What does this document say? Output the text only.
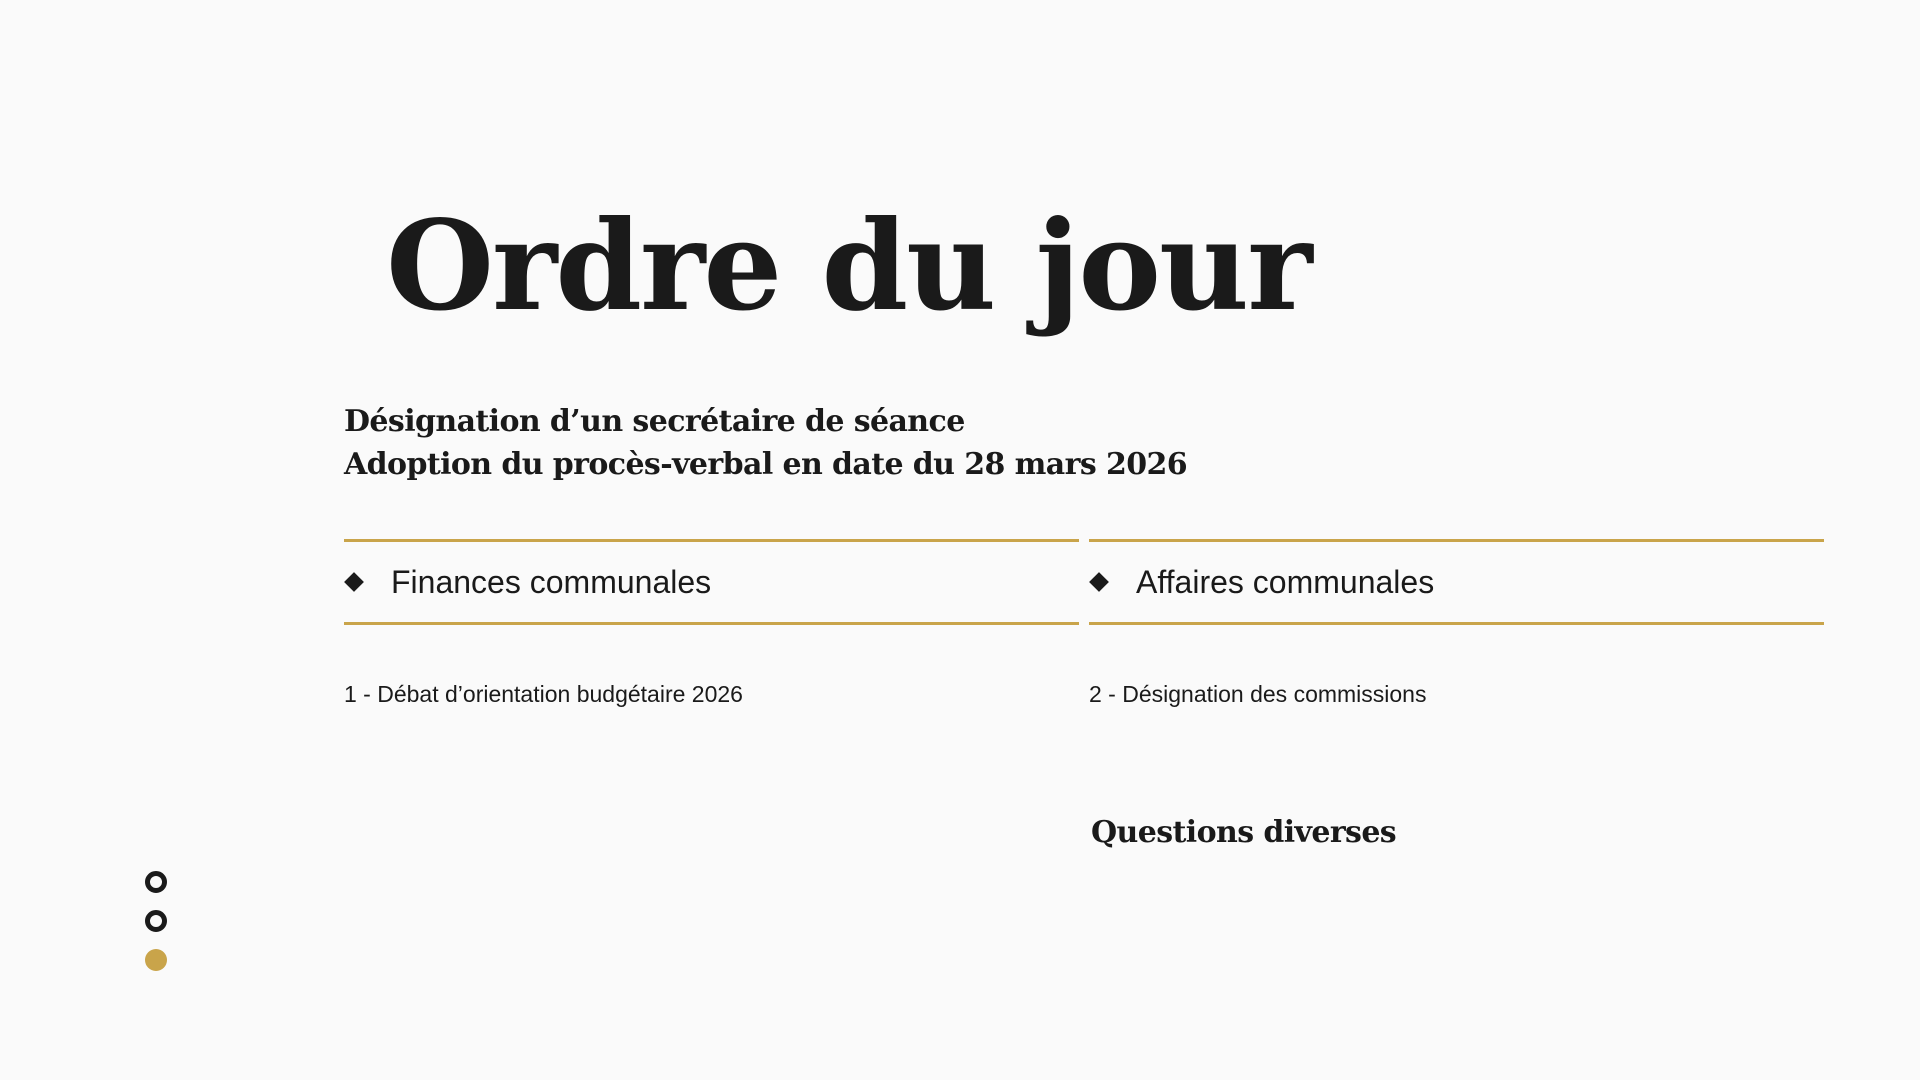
Ordre du jour
Désignation d’un secrétaire de séance
Adoption du procès-verbal en date du 28 mars 2026
Finances communales
1 - Débat d’orientation budgétaire 2026
Affaires communales
2 - Désignation des commissions
Questions diverses
